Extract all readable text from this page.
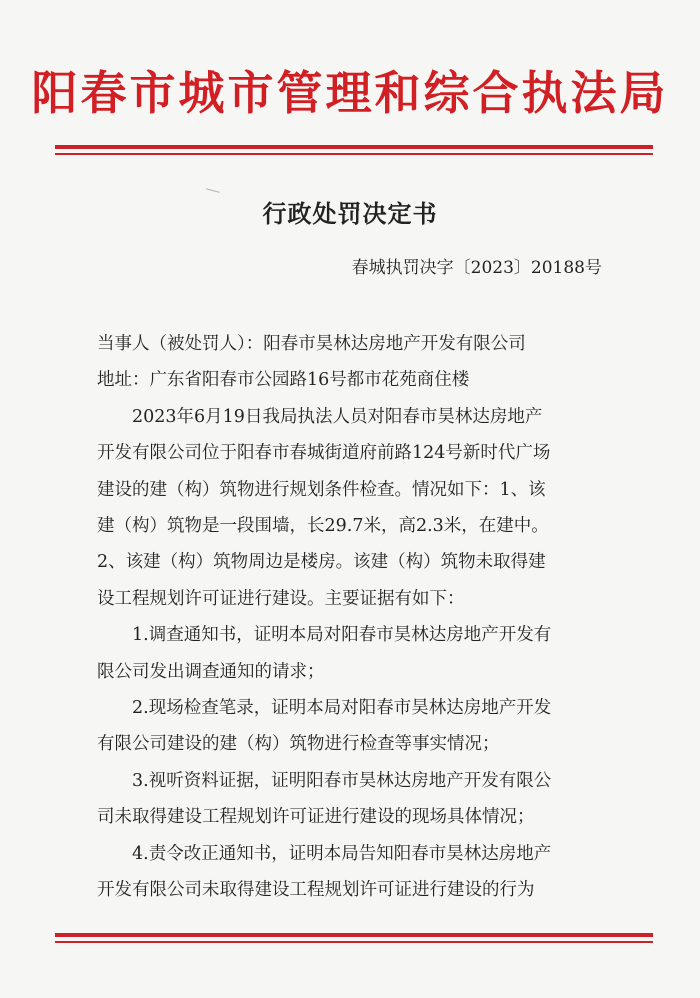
阳春市城市管理和综合执法局
行政处罚决定书
春城执罚决字〔2023〕20188号
当事人（被处罚人）：阳春市昊林达房地产开发有限公司
地址：广东省阳春市公园路16号都市花苑商住楼
2023年6月19日我局执法人员对阳春市昊林达房地产
开发有限公司位于阳春市春城街道府前路124号新时代广场
建设的建（构）筑物进行规划条件检查。情况如下：1、该
建（构）筑物是一段围墙，长29.7米，高2.3米，在建中。
2、该建（构）筑物周边是楼房。该建（构）筑物未取得建
设工程规划许可证进行建设。主要证据有如下：
1.调查通知书，证明本局对阳春市昊林达房地产开发有
限公司发出调查通知的请求；
2.现场检查笔录，证明本局对阳春市昊林达房地产开发
有限公司建设的建（构）筑物进行检查等事实情况；
3.视听资料证据，证明阳春市昊林达房地产开发有限公
司未取得建设工程规划许可证进行建设的现场具体情况；
4.责令改正通知书，证明本局告知阳春市昊林达房地产
开发有限公司未取得建设工程规划许可证进行建设的行为
